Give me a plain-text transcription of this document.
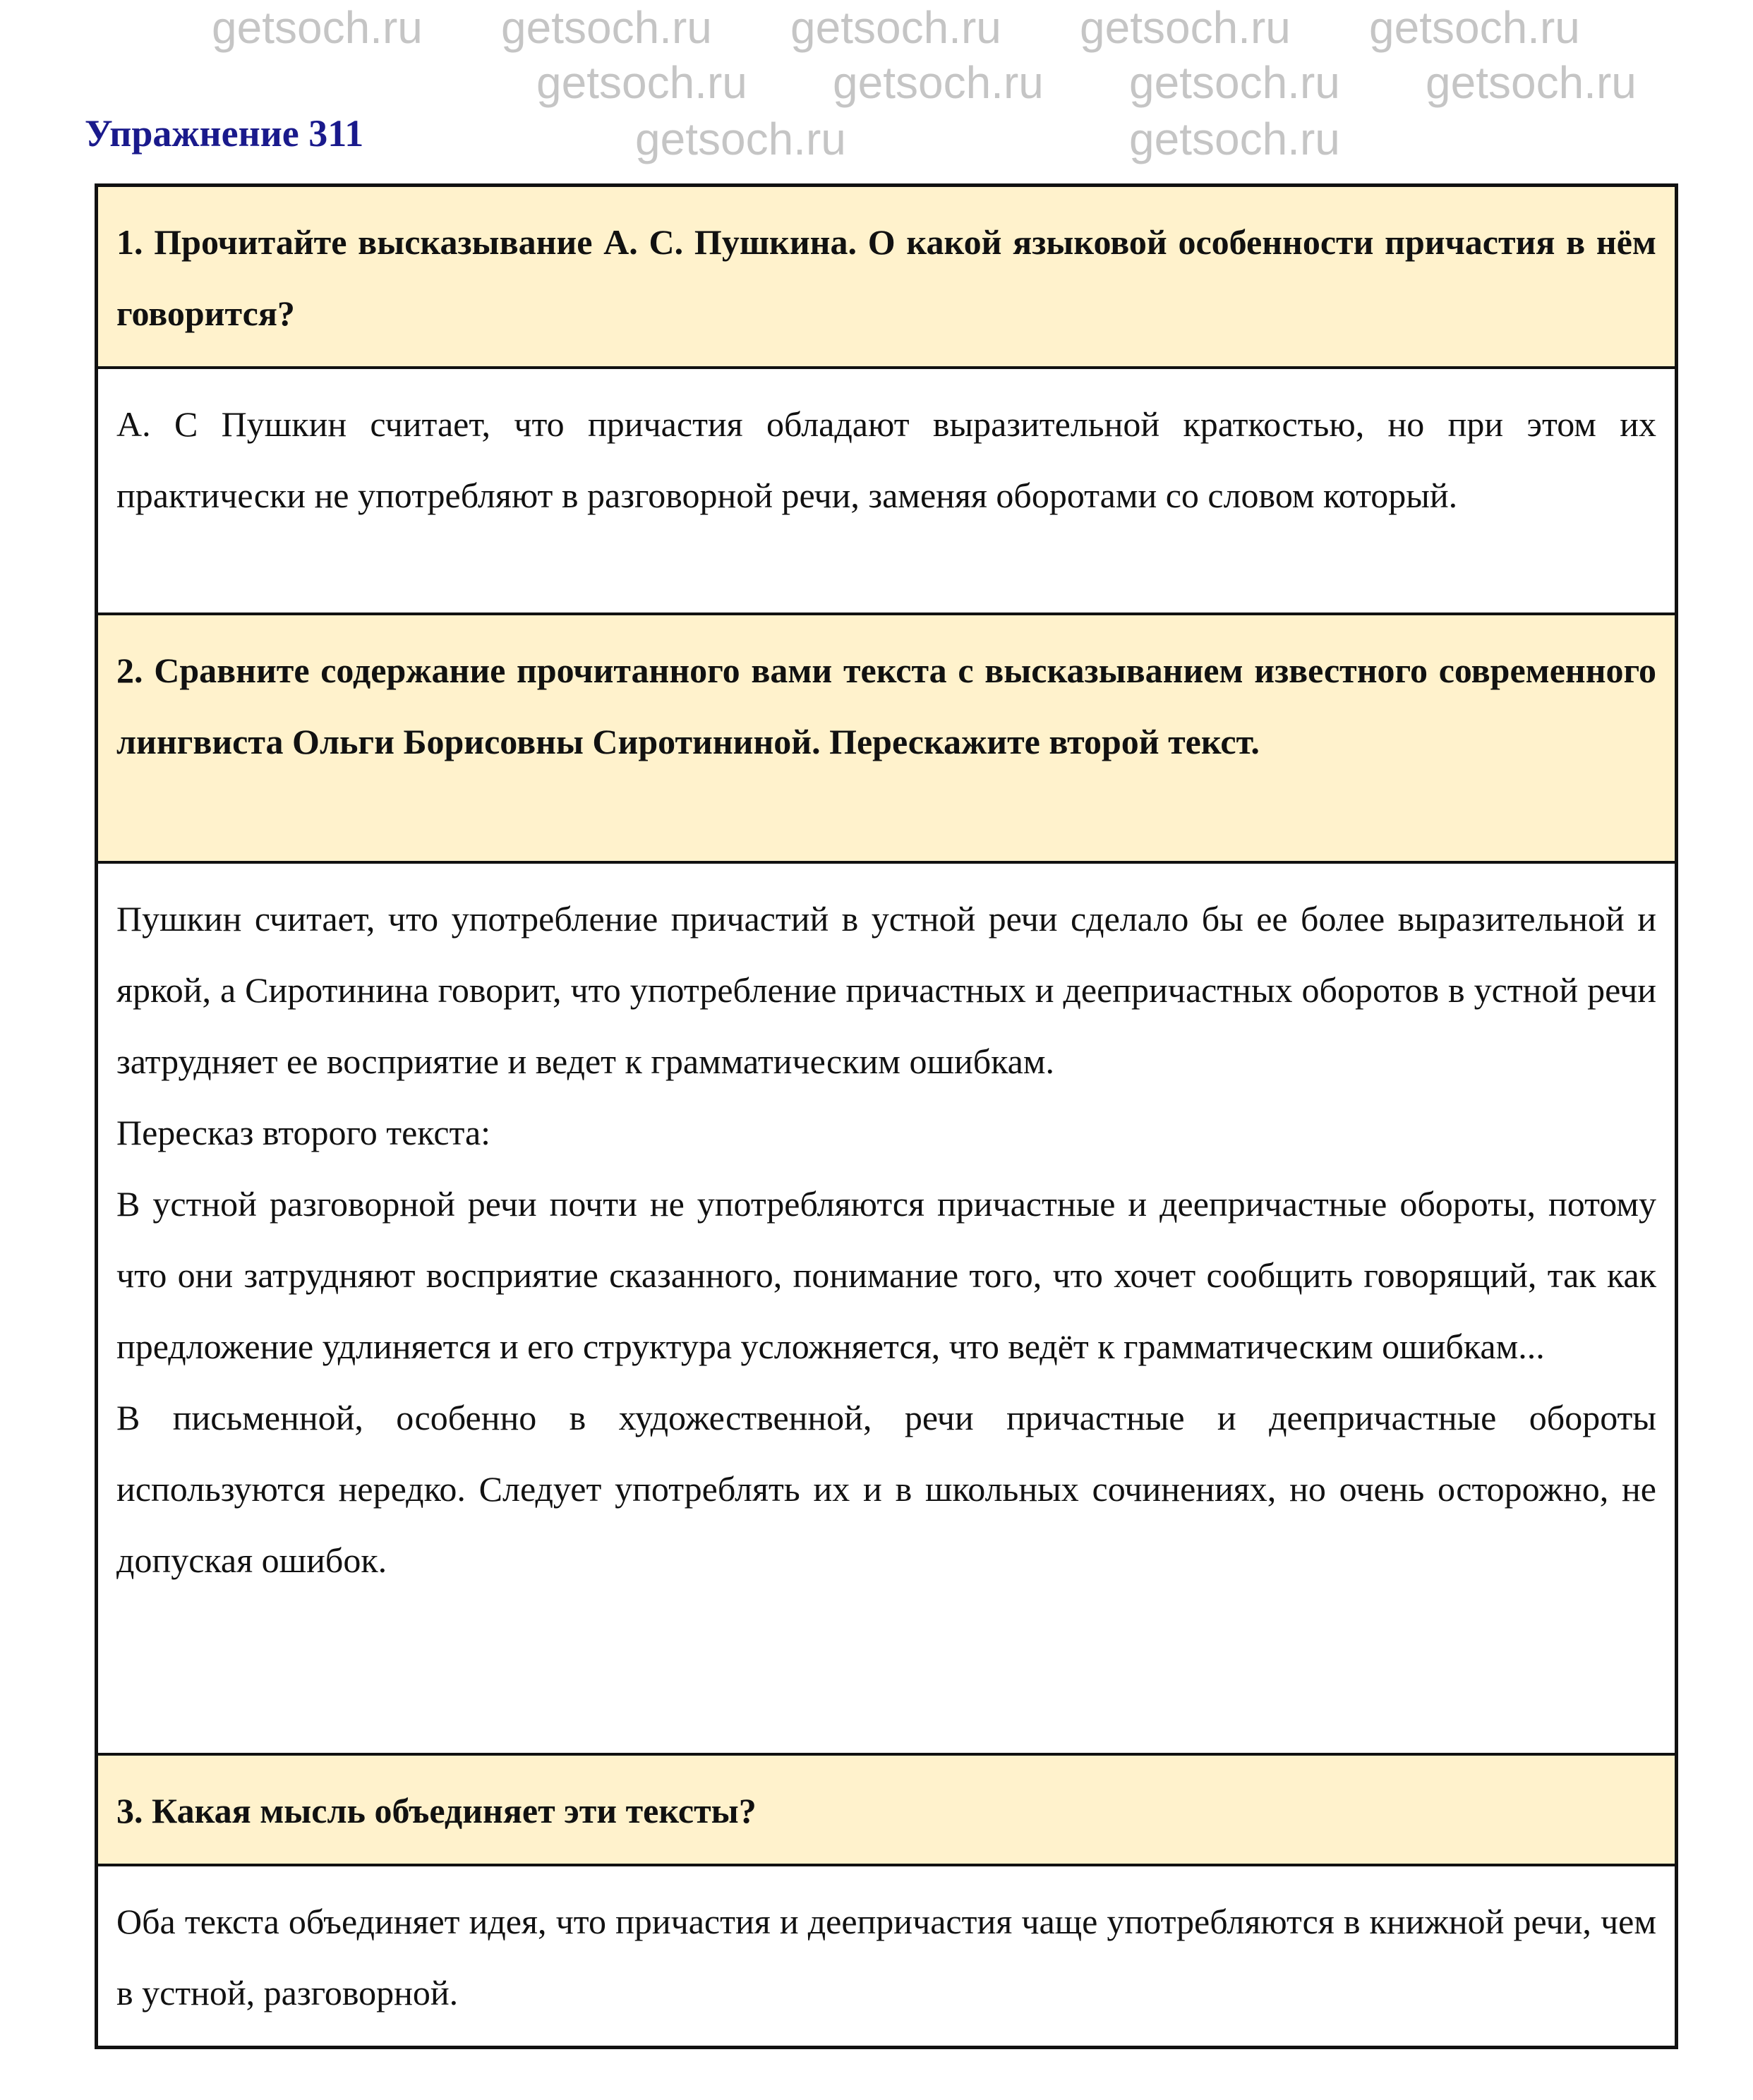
Упражнение 311
1. Прочитайте высказывание А. С. Пушкина. О какой языковой особенности причастия в нём говорится?

А. С Пушкин считает, что причастия обладают выразительной краткостью, но при этом их практически не употребляют в разговорной речи, заменяя оборотами со словом который.

2. Сравните содержание прочитанного вами текста с высказыванием известного современного лингвиста Ольги Борисовны Сиротининой. Перескажите второй текст.

Пушкин считает, что употребление причастий в устной речи сделало бы ее более выразительной и яркой, а Сиротинина говорит, что употребление причастных и деепричастных оборотов в устной речи затрудняет ее восприятие и ведет к грамматическим ошибкам.

Пересказ второго текста:

В устной разговорной речи почти не употребляются причастные и деепричастные обороты, потому что они затрудняют восприятие сказанного, понимание того, что хочет сообщить говорящий, так как предложение удлиняется и его структура усложняется, что ведёт к грамматическим ошибкам...

В письменной, особенно в художественной, речи причастные и деепричастные обороты используются нередко. Следует употреблять их и в школьных сочинениях, но очень осторожно, не допуская ошибок.

3. Какая мысль объединяет эти тексты?

Оба текста объединяет идея, что причастия и деепричастия чаще употребляются в книжной речи, чем в устной, разговорной.

getsoch.ru
getsoch.ru getsoch.ru	getsoch.ru getsoch.ru
getsoch.ru getsoch.ru getsoch.ru getsoch.ru
getsoch.ru	getsoch.ru
